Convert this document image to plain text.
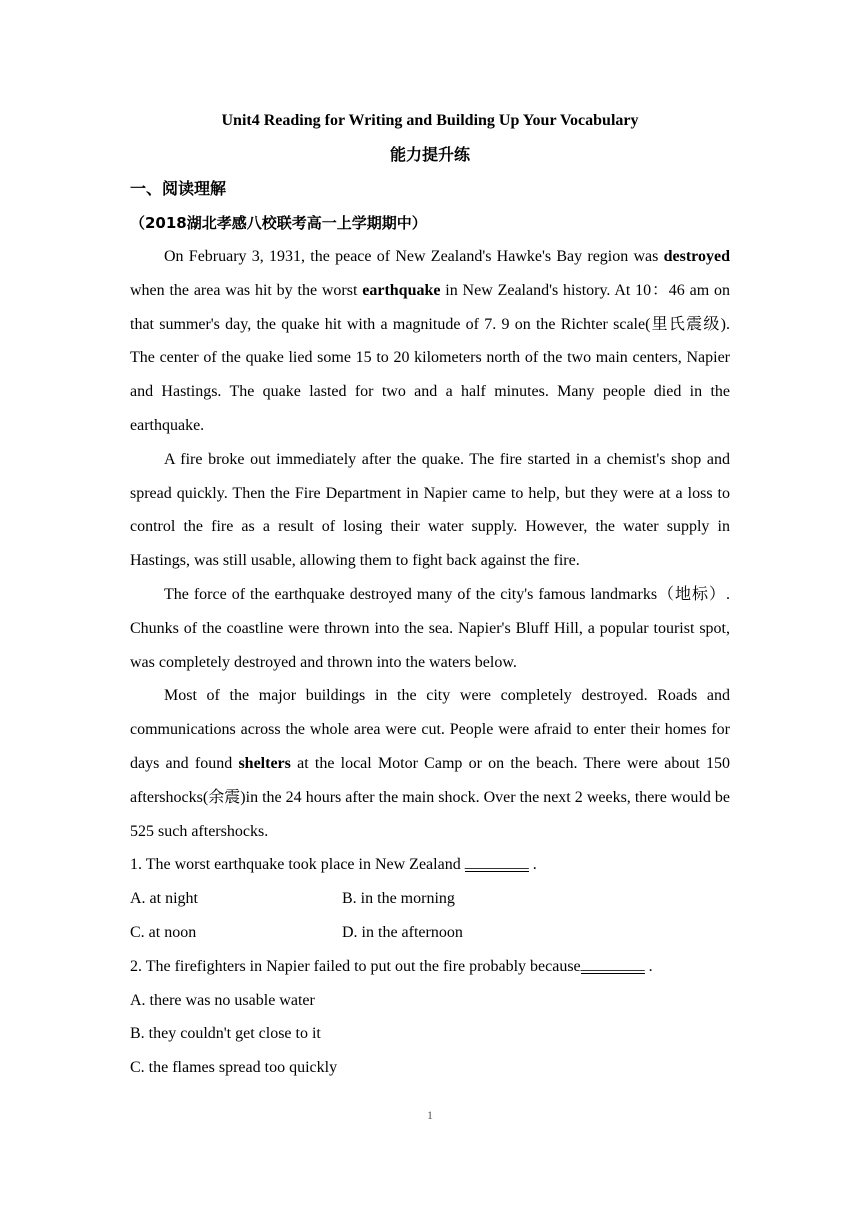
Unit4 Reading for Writing and Building Up Your Vocabulary

能力提升练

一、阅读理解

（2018湖北孝感八校联考高一上学期期中）

On February 3, 1931, the peace of New Zealand's Hawke's Bay region was destroyed when the area was hit by the worst earthquake in New Zealand's history. At 10：46 am on that summer's day, the quake hit with a magnitude of 7. 9 on the Richter scale(里氏震级). The center of the quake lied some 15 to 20 kilometers north of the two main centers, Napier and Hastings. The quake lasted for two and a half minutes. Many people died in the earthquake.

A fire broke out immediately after the quake. The fire started in a chemist's shop and spread quickly. Then the Fire Department in Napier came to help, but they were at a loss to control the fire as a result of losing their water supply. However, the water supply in Hastings, was still usable, allowing them to fight back against the fire.

The force of the earthquake destroyed many of the city's famous landmarks（地标）. Chunks of the coastline were thrown into the sea. Napier's Bluff Hill, a popular tourist spot, was completely destroyed and thrown into the waters below.

Most of the major buildings in the city were completely destroyed. Roads and communications across the whole area were cut. People were afraid to enter their homes for days and found shelters at the local Motor Camp or on the beach. There were about 150 aftershocks(余震)in the 24 hours after the main shock. Over the next 2 weeks, there would be 525 such aftershocks.

1. The worst earthquake took place in New Zealand ________ .

A. at night	B. in the morning
C. at noon	D. in the afternoon

2. The firefighters in Napier failed to put out the fire probably because________ .

A. there was no usable water

B. they couldn't get close to it

C. the flames spread too quickly

1
